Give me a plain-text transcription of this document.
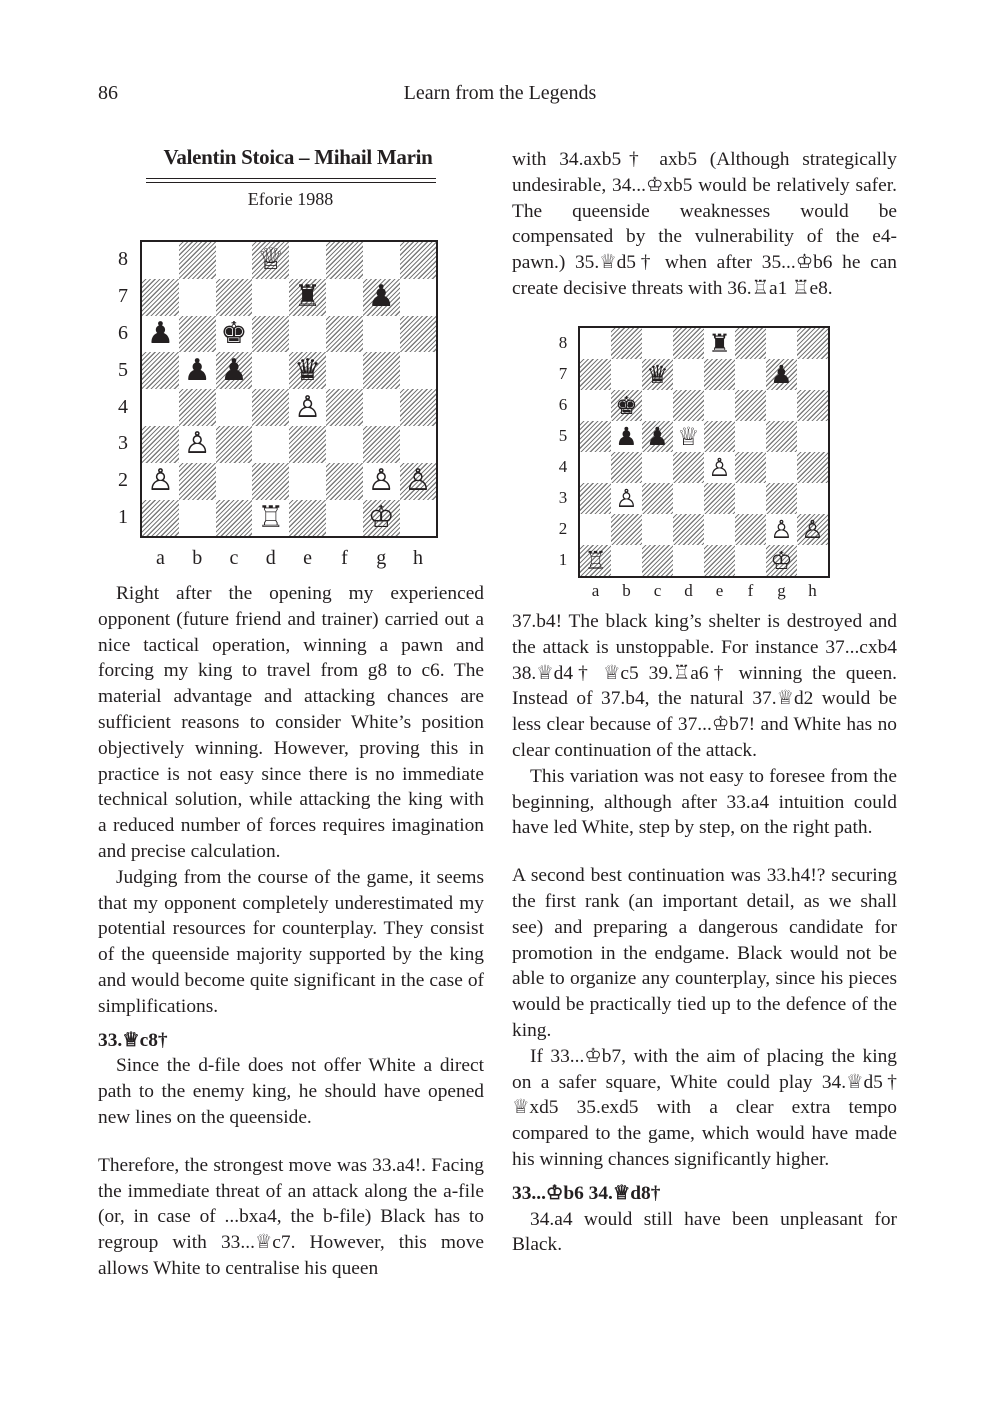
86	Learn from the Legends
Valentin Stoica – Mihail Marin
Eforie 1988
♕
♜ ♟
♟ ♚
♟ ♟ ♛
♙
♙
♙	♙ ♙
♖	♔
8
7
6
5
4
3
2
1
a	b	c	d	e	f	g	h

with 34.axb5† axb5 (Although strategically undesirable, 34...♔xb5 would be relatively safer. The queenside weaknesses would be compensated by the vulnerability of the e4-pawn.) 35.♕d5† when after 35...♔b6 he can create decisive threats with 36.♖a1 ♖e8.

♜
♛	♟
♚
♟ ♟ ♕
♙
♙
♙ ♙
♖	♔
8
7
6
5
4
3
2
1
a	b	c	d	e	f	g	h

Right after the opening my experienced opponent (future friend and trainer) carried out a nice tactical operation, winning a pawn and forcing my king to travel from g8 to c6. The material advantage and attacking chances are sufficient reasons to consider White’s position objectively winning. However, proving this in practice is not easy since there is no immediate technical solution, while attacking the king with a reduced number of forces requires imagination and precise calculation.

Judging from the course of the game, it seems that my opponent completely underestimated my potential resources for counterplay. They consist of the queenside majority supported by the king and would become quite significant in the case of simplifications.

33.♕c8†

Since the d-file does not offer White a direct path to the enemy king, he should have opened new lines on the queenside.

Therefore, the strongest move was 33.a4!. Facing the immediate threat of an attack along the a-file (or, in case of ...bxa4, the b-file) Black has to regroup with 33...♕c7. However, this move allows White to centralise his queen

37.b4! The black king’s shelter is destroyed and the attack is unstoppable. For instance 37...cxb4 38.♕d4† ♕c5 39.♖a6† winning the queen. Instead of 37.b4, the natural 37.♕d2 would be less clear because of 37...♔b7! and White has no clear continuation of the attack.

This variation was not easy to foresee from the beginning, although after 33.a4 intuition could have led White, step by step, on the right path.

A second best continuation was 33.h4!? securing the first rank (an important detail, as we shall see) and preparing a dangerous candidate for promotion in the endgame. Black would not be able to organize any counterplay, since his pieces would be practically tied up to the defence of the king.

If 33...♔b7, with the aim of placing the king on a safer square, White could play 34.♕d5† ♕xd5 35.exd5 with a clear extra tempo compared to the game, which would have made his winning chances significantly higher.

33...♔b6 34.♕d8†

34.a4 would still have been unpleasant for Black.
